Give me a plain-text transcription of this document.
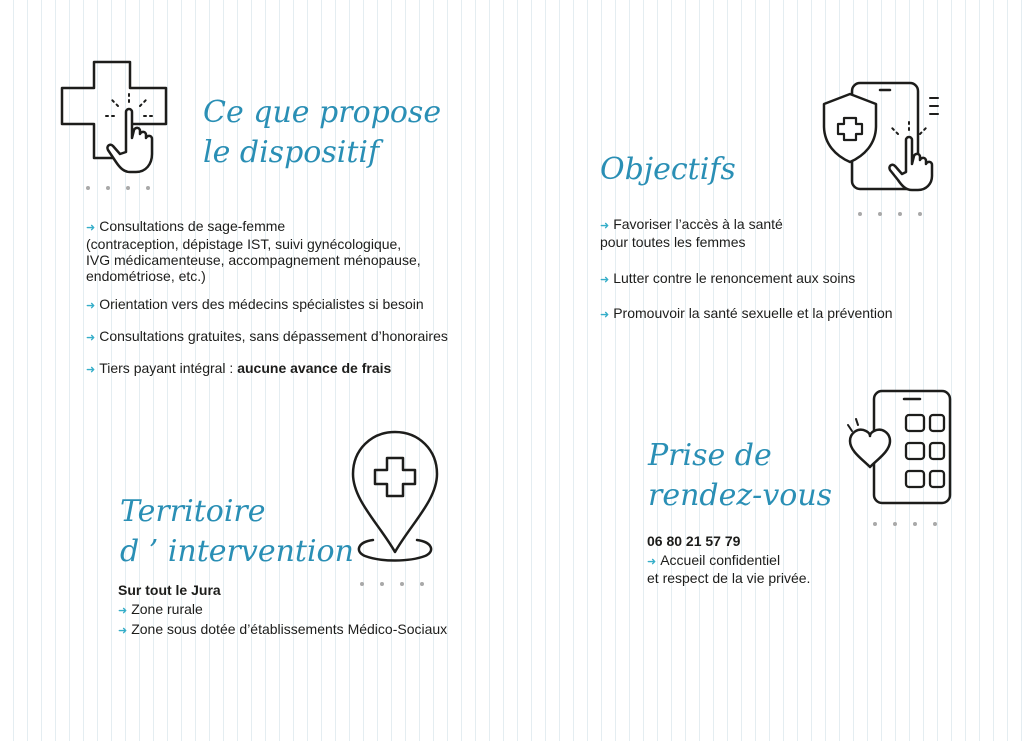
Ce que propose
le dispositif
➜ Consultations de sage-femme
(contraception, dépistage IST, suivi gynécologique,
IVG médicamenteuse, accompagnement ménopause,
endométriose, etc.)
➜ Orientation vers des médecins spécialistes si besoin
➜ Consultations gratuites, sans dépassement d’honoraires
➜ Tiers payant intégral : aucune avance de frais
Objectifs
➜ Favoriser l’accès à la santé
pour toutes les femmes
➜ Lutter contre le renoncement aux soins
➜ Promouvoir la santé sexuelle et la prévention
Territoire
d ’ intervention
Sur tout le Jura
➜ Zone rurale
➜ Zone sous dotée d’établissements Médico-Sociaux
Prise de
rendez-vous
06 80 21 57 79
➜ Accueil confidentiel
et respect de la vie privée.
